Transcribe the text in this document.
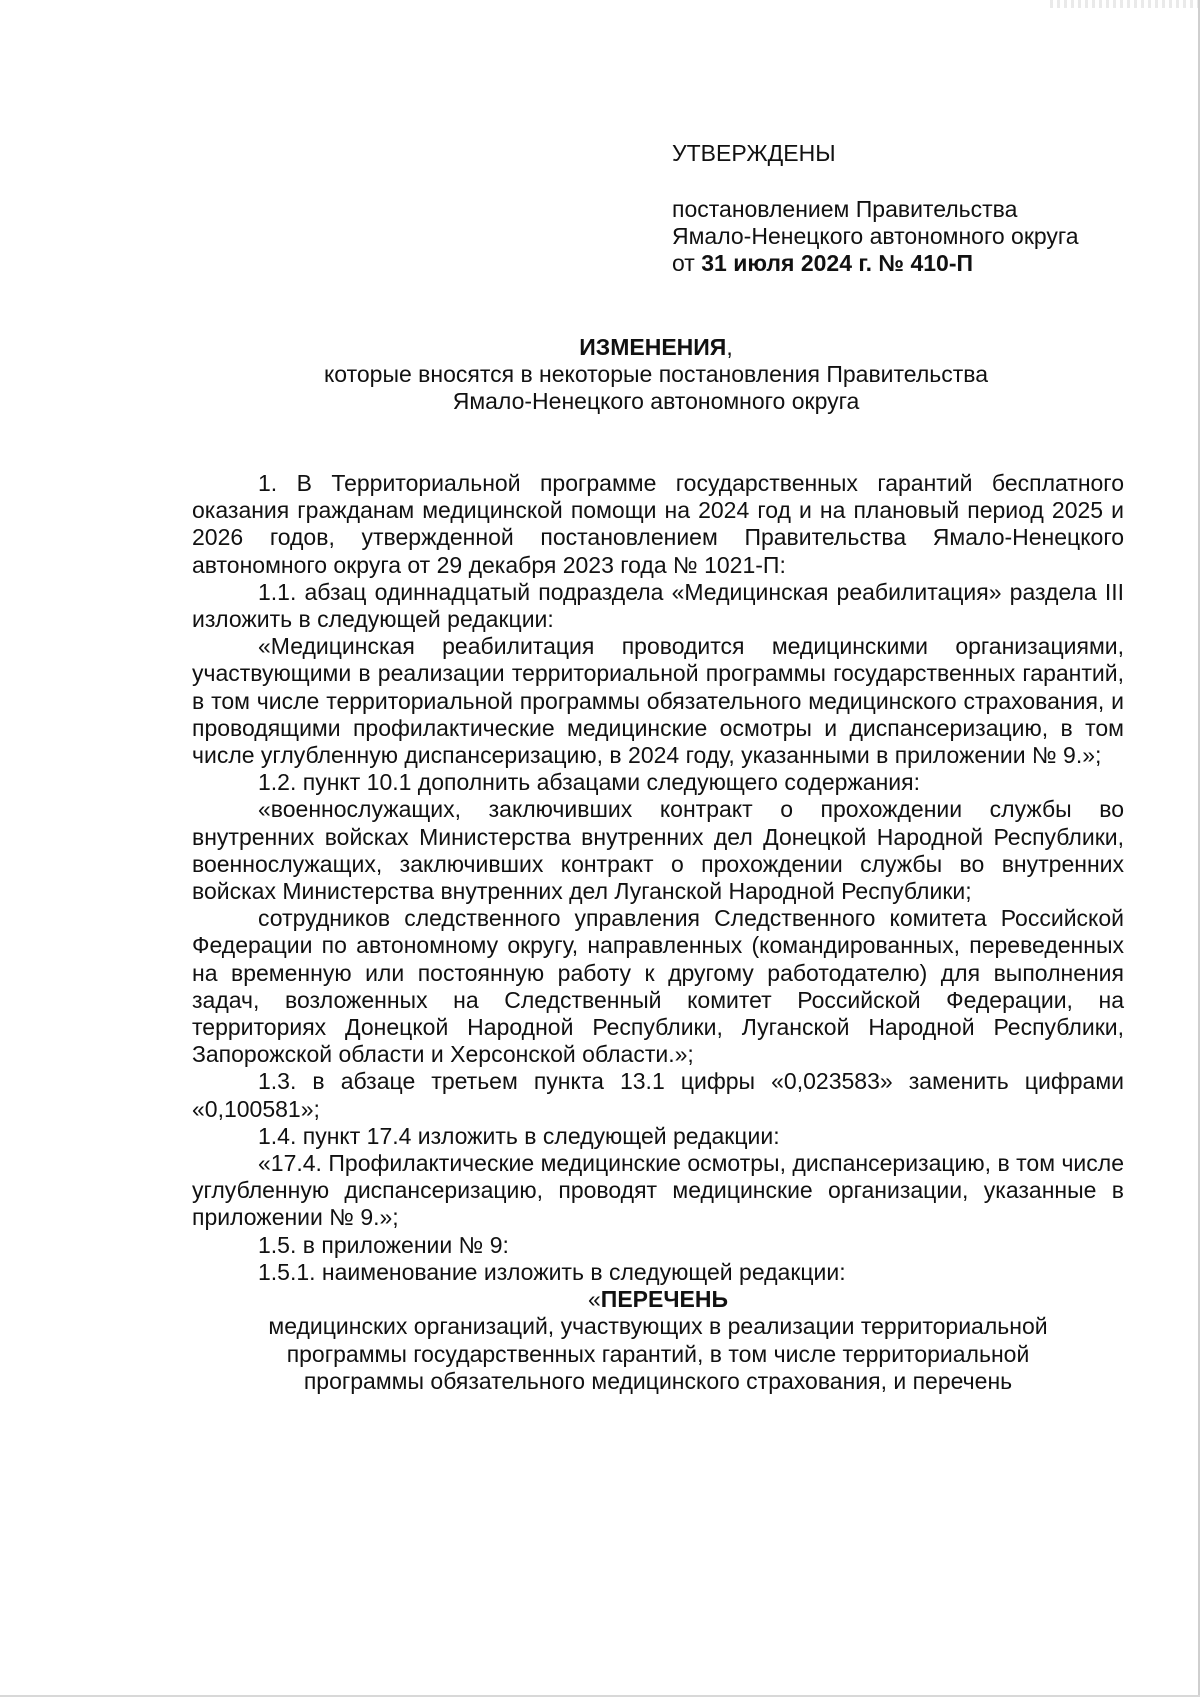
УТВЕРЖДЕНЫ
постановлением Правительства
Ямало-Ненецкого автономного округа
от 31 июля 2024 г. № 410-П
ИЗМЕНЕНИЯ,
которые вносятся в некоторые постановления Правительства
Ямало-Ненецкого автономного округа

1. В Территориальной программе государственных гарантий бесплатного оказания гражданам медицинской помощи на 2024 год и на плановый период 2025 и 2026 годов, утвержденной постановлением Правительства Ямало-Ненецкого автономного округа от 29 декабря 2023 года № 1021-П:

1.1. абзац одиннадцатый подраздела «Медицинская реабилитация» раздела III изложить в следующей редакции:

«Медицинская реабилитация проводится медицинскими организациями, участвующими в реализации территориальной программы государственных гарантий, в том числе территориальной программы обязательного медицинского страхования, и проводящими профилактические медицинские осмотры и диспансеризацию, в том числе углубленную диспансеризацию, в 2024 году, указанными в приложении № 9.»;

1.2. пункт 10.1 дополнить абзацами следующего содержания:

«военнослужащих, заключивших контракт о прохождении службы во внутренних войсках Министерства внутренних дел Донецкой Народной Республики, военнослужащих, заключивших контракт о прохождении службы во внутренних войсках Министерства внутренних дел Луганской Народной Республики;

сотрудников следственного управления Следственного комитета Российской Федерации по автономному округу, направленных (командированных, переведенных на временную или постоянную работу к другому работодателю) для выполнения задач, возложенных на Следственный комитет Российской Федерации, на территориях Донецкой Народной Республики, Луганской Народной Республики, Запорожской области и Херсонской области.»;

1.3. в абзаце третьем пункта 13.1 цифры «0,023583» заменить цифрами «0,100581»;

1.4. пункт 17.4 изложить в следующей редакции:

«17.4. Профилактические медицинские осмотры, диспансеризацию, в том числе углубленную диспансеризацию, проводят медицинские организации, указанные в приложении № 9.»;

1.5. в приложении № 9:

1.5.1. наименование изложить в следующей редакции:

«ПЕРЕЧЕНЬ
медицинских организаций, участвующих в реализации территориальной
программы государственных гарантий, в том числе территориальной
программы обязательного медицинского страхования, и перечень
